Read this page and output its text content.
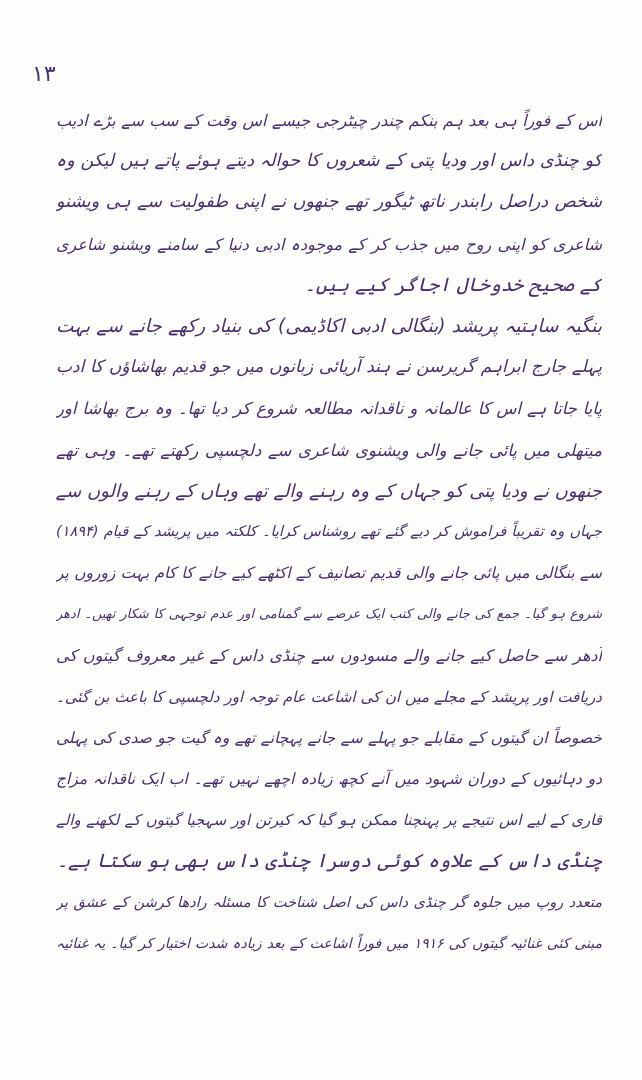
۱۳
اس کے فوراً ہی بعد ہم بنکم چندر چیٹرجی جیسے اس وقت کے سب سے بڑے ادیب
کو چنڈی داس اور ودیا پتی کے شعروں کا حوالہ دیتے ہوئے پاتے ہیں لیکن وہ
شخص دراصل رابندر ناتھ ٹیگور تھے جنھوں نے اپنی طفولیت سے ہی ویشنو
شاعری کو اپنی روح میں جذب کر کے موجودہ ادبی دنیا کے سامنے ویشنو شاعری
کے صحیح خدوخال اجاگر کیے ہیں۔
بنگیہ ساہتیہ پریشد (بنگالی ادبی اکاڈیمی) کی بنیاد رکھے جانے سے بہت
پہلے جارج ابراہم گریرسن نے ہند آریائی زبانوں میں جو قدیم بھاشاؤں کا ادب
پایا جاتا ہے اس کا عالمانہ و ناقدانہ مطالعہ شروع کر دیا تھا۔ وہ برج بھاشا اور
میتھلی میں پائی جانے والی ویشنوی شاعری سے دلچسپی رکھتے تھے۔ وہی تھے
جنھوں نے ودیا پتی کو جہاں کے وہ رہنے والے تھے وہاں کے رہنے والوں سے
جہاں وہ تقریباً فراموش کر دیے گئے تھے روشناس کرایا۔ کلکتہ میں پریشد کے قیام (۱۸۹۴)
سے بنگالی میں پائی جانے والی قدیم تصانیف کے اکٹھے کیے جانے کا کام بہت زوروں پر
شروع ہو گیا۔ جمع کی جانے والی کتب ایک عرصے سے گمنامی اور عدم توجہی کا شکار تھیں۔ ادھر
اُدھر سے حاصل کیے جانے والے مسودوں سے چنڈی داس کے غیر معروف گیتوں کی
دریافت اور پریشد کے مجلے میں ان کی اشاعت عام توجہ اور دلچسپی کا باعث بن گئی۔
خصوصاً ان گیتوں کے مقابلے جو پہلے سے جانے پہچانے تھے وہ گیت جو صدی کی پہلی
دو دہائیوں کے دوران شہود میں آنے کچھ زیادہ اچھے نہیں تھے۔ اب ایک ناقدانہ مزاج
قاری کے لیے اس نتیجے پر پہنچنا ممکن ہو گیا کہ کیرتن اور سہجیا گیتوں کے لکھنے والے
چنڈی داس کے علاوہ کوئی دوسرا چنڈی داس بھی ہو سکتا ہے۔
متعدد روپ میں جلوہ گر چنڈی داس کی اصل شناخت کا مسئلہ رادھا کرشن کے عشق پر
مبنی کئی غنائیہ گیتوں کی ۱۹۱۶ میں فوراً اشاعت کے بعد زیادہ شدت اختیار کر گیا۔ یہ غنائیہ
